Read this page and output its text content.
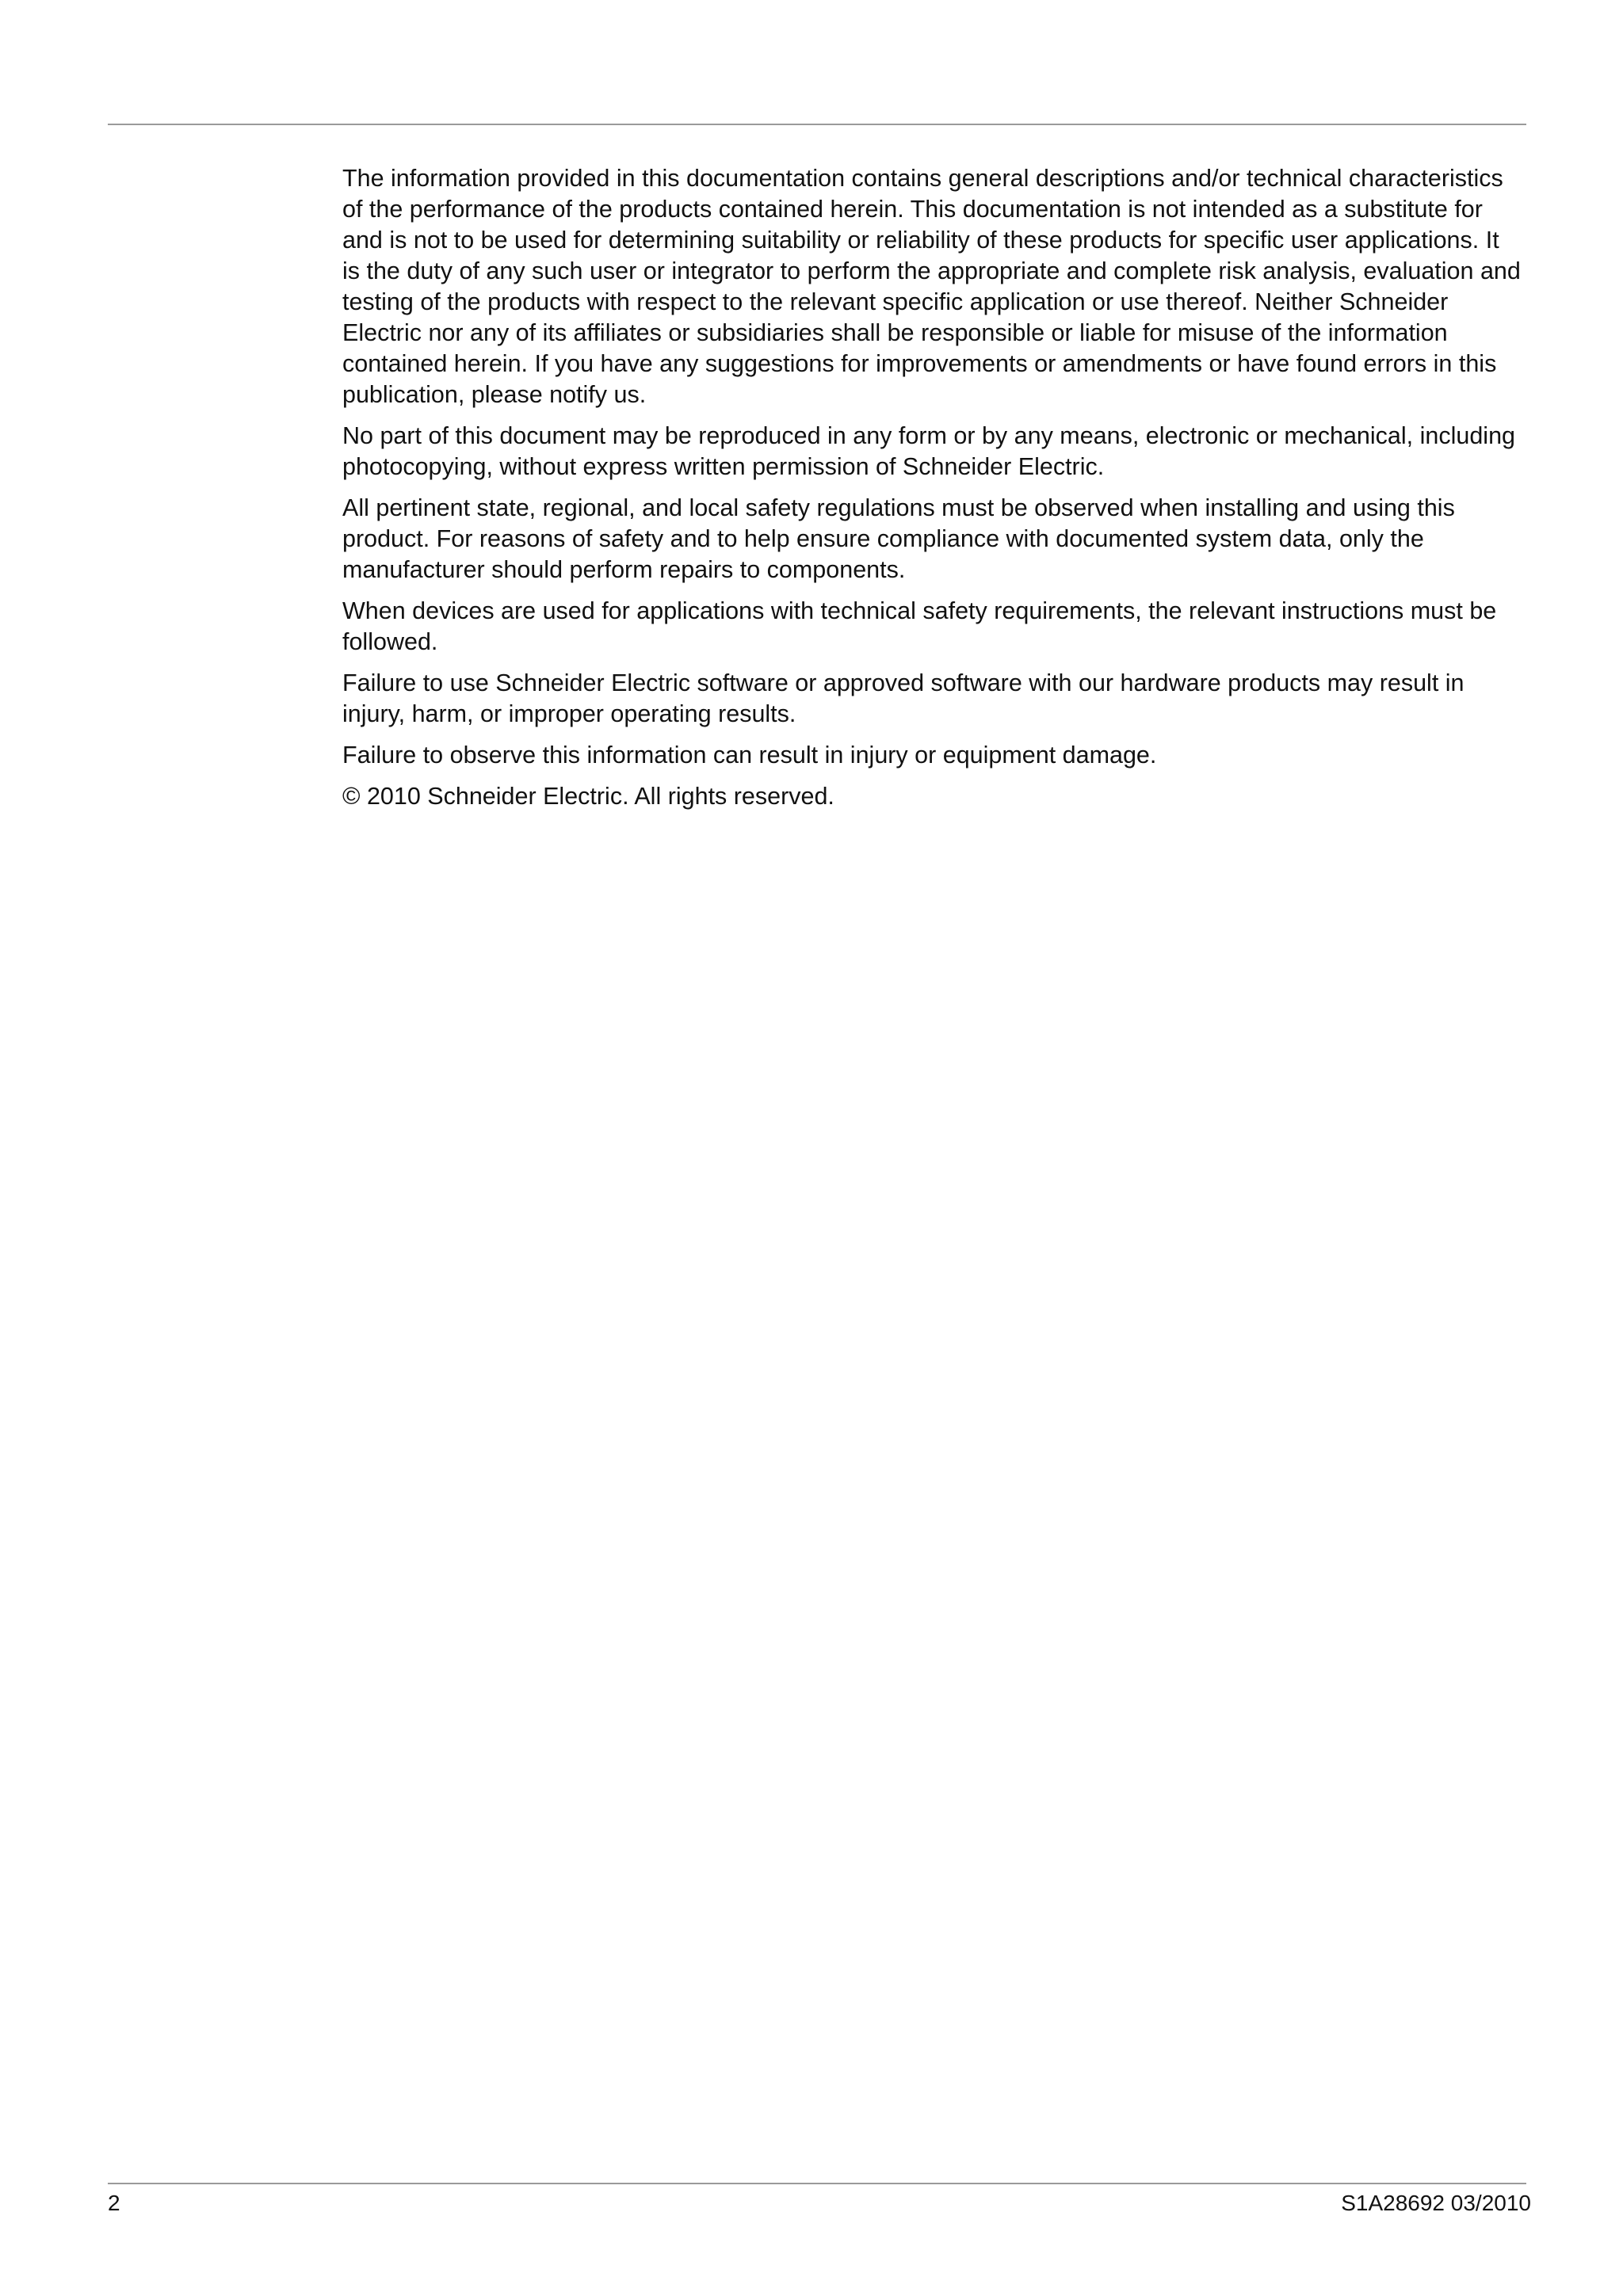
The information provided in this documentation contains general descriptions and/or technical characteristics
of the performance of the products contained herein. This documentation is not intended as a substitute for
and is not to be used for determining suitability or reliability of these products for specific user applications. It
is the duty of any such user or integrator to perform the appropriate and complete risk analysis, evaluation and
testing of the products with respect to the relevant specific application or use thereof. Neither Schneider
Electric nor any of its affiliates or subsidiaries shall be responsible or liable for misuse of the information
contained herein. If you have any suggestions for improvements or amendments or have found errors in this
publication, please notify us.

No part of this document may be reproduced in any form or by any means, electronic or mechanical, including
photocopying, without express written permission of Schneider Electric.

All pertinent state, regional, and local safety regulations must be observed when installing and using this
product. For reasons of safety and to help ensure compliance with documented system data, only the
manufacturer should perform repairs to components.

When devices are used for applications with technical safety requirements, the relevant instructions must be
followed.

Failure to use Schneider Electric software or approved software with our hardware products may result in
injury, harm, or improper operating results.

Failure to observe this information can result in injury or equipment damage.

© 2010 Schneider Electric. All rights reserved.

2	S1A28692 03/2010
